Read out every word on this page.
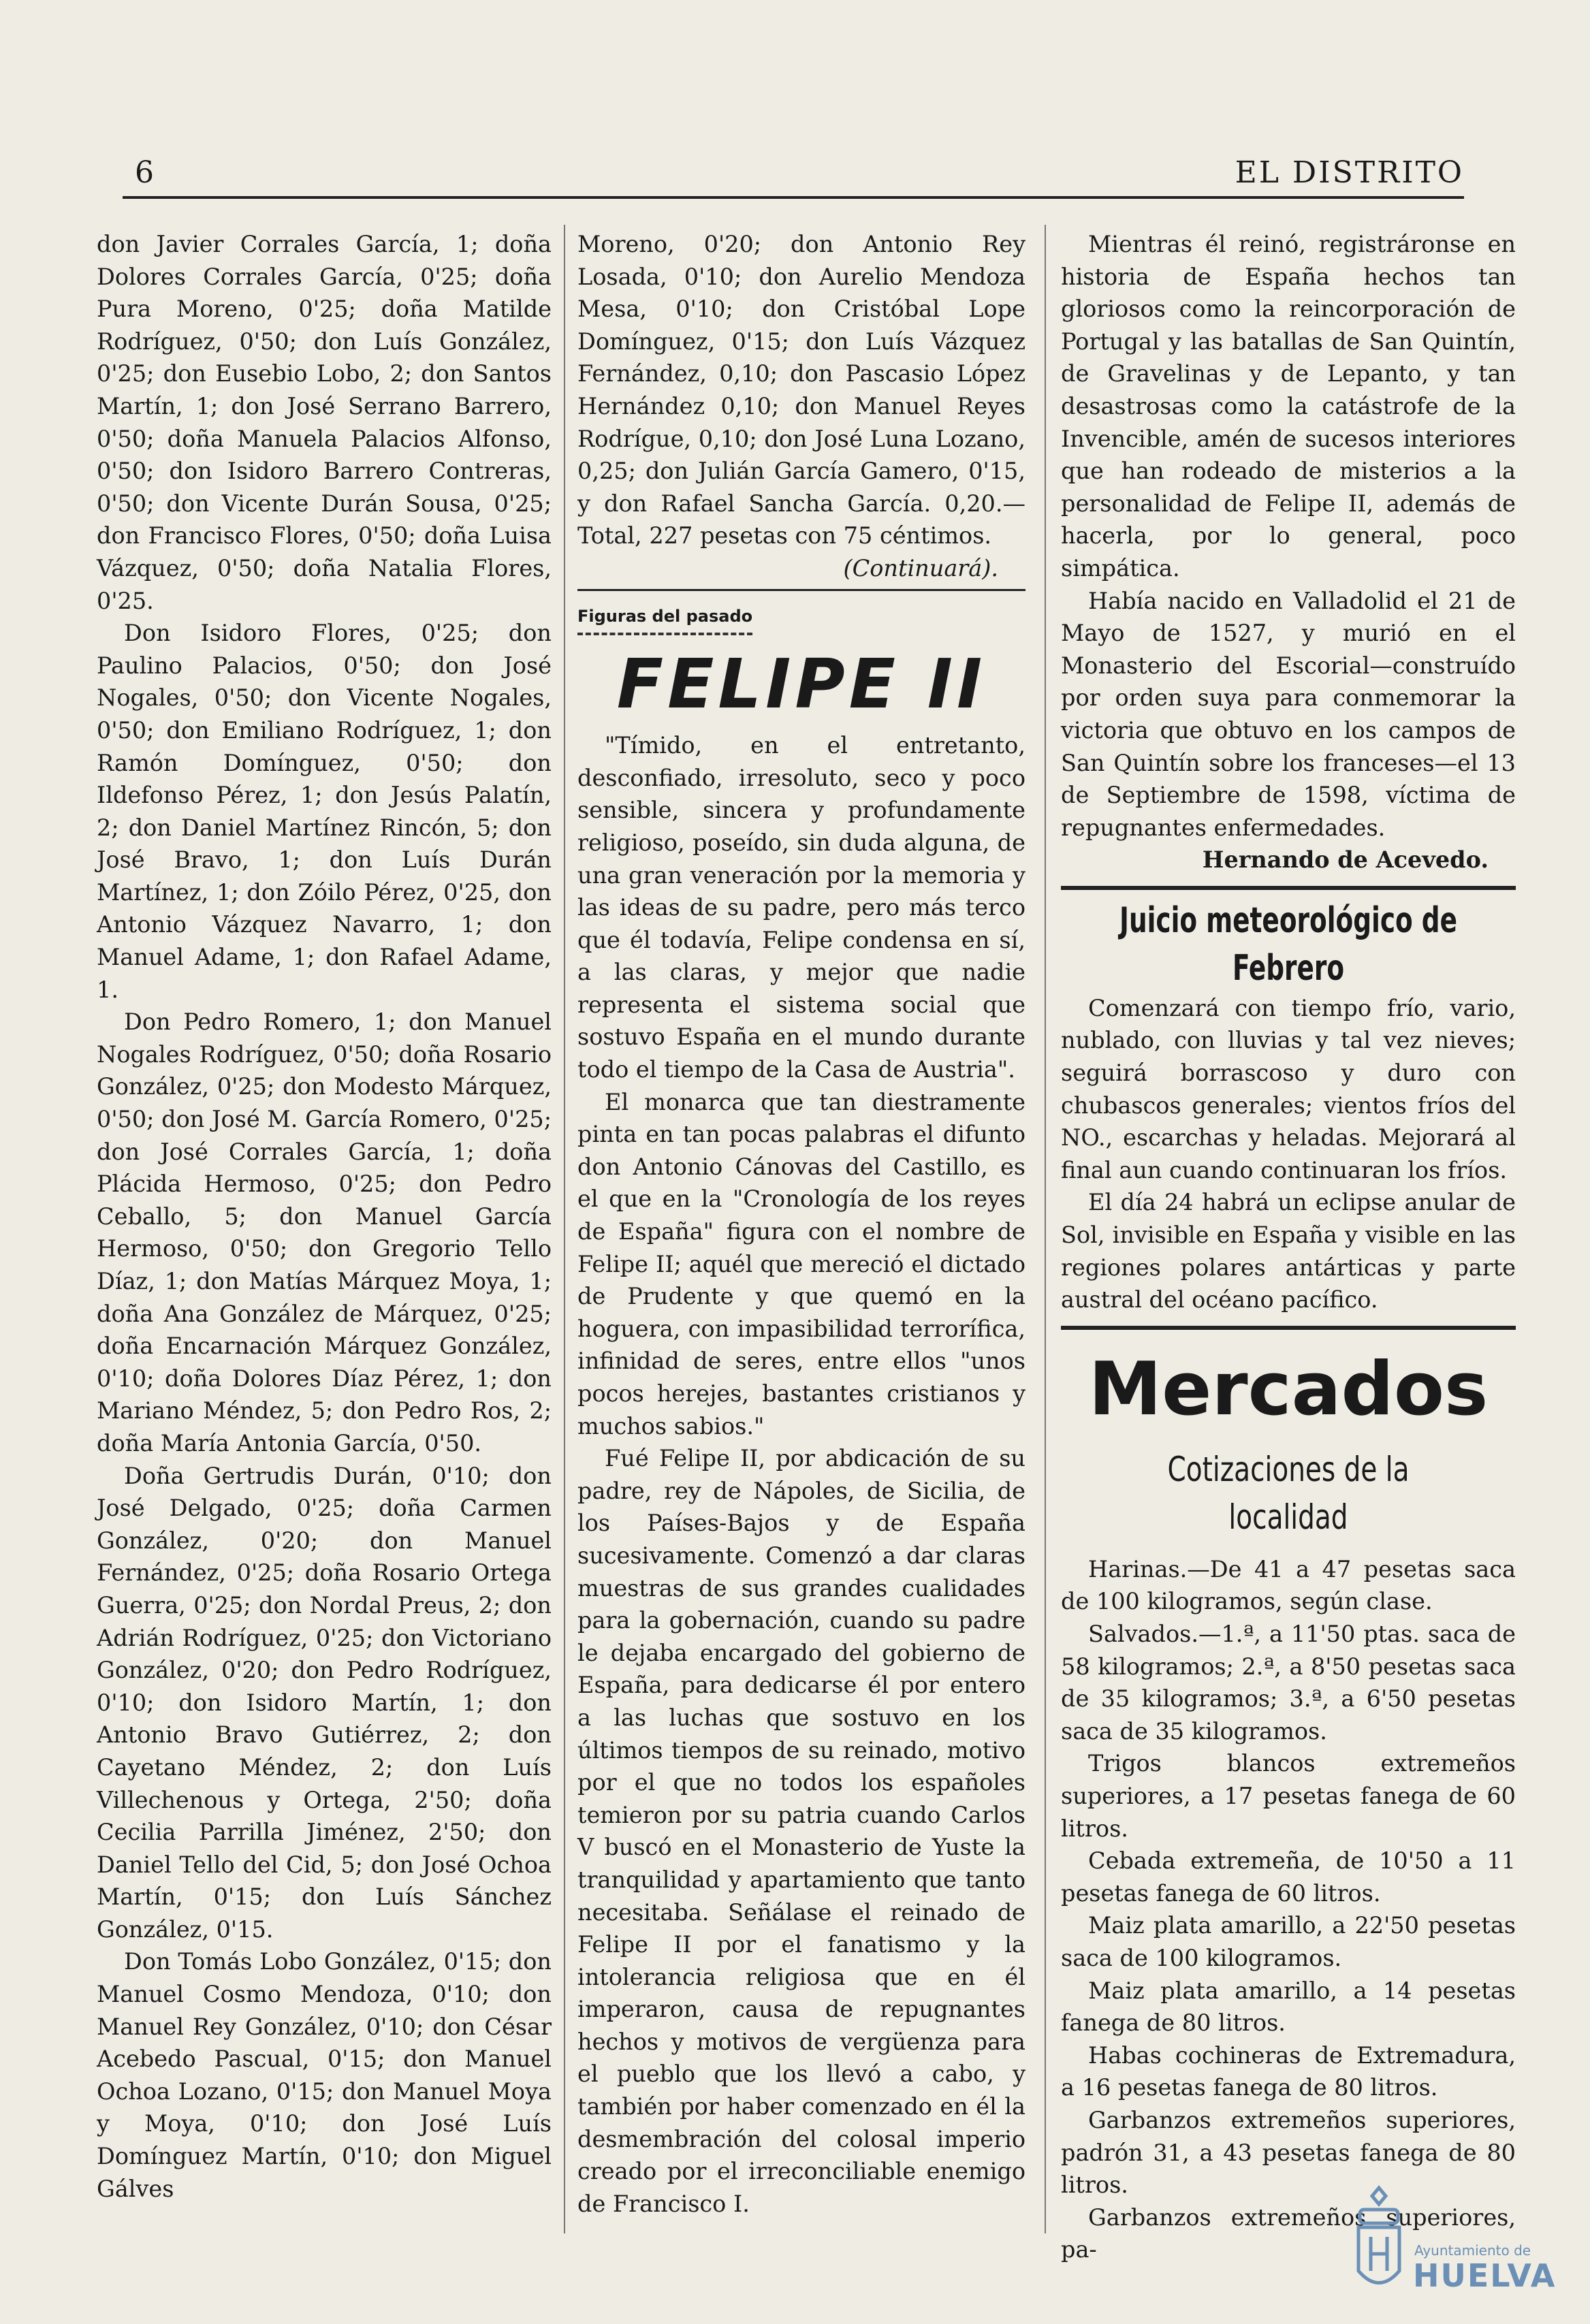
6	EL DISTRITO

don Javier Corrales García, 1; doña Dolores Corrales García, 0'25; doña Pura Moreno, 0'25; doña Matilde Rodríguez, 0'50; don Luís González, 0'25; don Eusebio Lobo, 2; don Santos Martín, 1; don José Serrano Barrero, 0'50; doña Manuela Palacios Alfonso, 0'50; don Isidoro Barrero Contreras, 0'50; don Vicente Durán Sousa, 0'25; don Francisco Flores, 0'50; doña Luisa Vázquez, 0'50; doña Natalia Flores, 0'25.

Don Isidoro Flores, 0'25; don Paulino Palacios, 0'50; don José Nogales, 0'50; don Vicente Nogales, 0'50; don Emiliano Rodríguez, 1; don Ramón Domínguez, 0'50; don Ildefonso Pérez, 1; don Jesús Palatín, 2; don Daniel Martínez Rincón, 5; don José Bravo, 1; don Luís Durán Martínez, 1; don Zóilo Pérez, 0'25, don Antonio Vázquez Navarro, 1; don Manuel Adame, 1; don Rafael Adame, 1.

Don Pedro Romero, 1; don Manuel Nogales Rodríguez, 0'50; doña Rosario González, 0'25; don Modesto Márquez, 0'50; don José M. García Romero, 0'25; don José Corrales García, 1; doña Plácida Hermoso, 0'25; don Pedro Ceballo, 5; don Manuel García Hermoso, 0'50; don Gregorio Tello Díaz, 1; don Matías Márquez Moya, 1; doña Ana González de Márquez, 0'25; doña Encarnación Márquez González, 0'10; doña Dolores Díaz Pérez, 1; don Mariano Méndez, 5; don Pedro Ros, 2; doña María Antonia García, 0'50.

Doña Gertrudis Durán, 0'10; don José Delgado, 0'25; doña Carmen González, 0'20; don Manuel Fernández, 0'25; doña Rosario Ortega Guerra, 0'25; don Nordal Preus, 2; don Adrián Rodríguez, 0'25; don Victoriano González, 0'20; don Pedro Rodríguez, 0'10; don Isidoro Martín, 1; don Antonio Bravo Gutiérrez, 2; don Cayetano Méndez, 2; don Luís Villechenous y Ortega, 2'50; doña Cecilia Parrilla Jiménez, 2'50; don Daniel Tello del Cid, 5; don José Ochoa Martín, 0'15; don Luís Sánchez González, 0'15.

Don Tomás Lobo González, 0'15; don Manuel Cosmo Mendoza, 0'10; don Manuel Rey González, 0'10; don César Acebedo Pascual, 0'15; don Manuel Ochoa Lozano, 0'15; don Manuel Moya y Moya, 0'10; don José Luís Domínguez Martín, 0'10; don Miguel Gálves

Moreno, 0'20; don Antonio Rey Losada, 0'10; don Aurelio Mendoza Mesa, 0'10; don Cristóbal Lope Domínguez, 0'15; don Luís Vázquez Fernández, 0,10; don Pascasio López Hernández 0,10; don Manuel Reyes Rodrígue, 0,10; don José Luna Lozano, 0,25; don Julián García Gamero, 0'15, y don Rafael Sancha García. 0,20.—Total, 227 pesetas con 75 céntimos.

(Continuará).
Figuras del pasado
FELIPE II

"Tímido, en el entretanto, desconfiado, irresoluto, seco y poco sensible, sincera y profundamente religioso, poseído, sin duda alguna, de una gran veneración por la memoria y las ideas de su padre, pero más terco que él todavía, Felipe condensa en sí, a las claras, y mejor que nadie representa el sistema social que sostuvo España en el mundo durante todo el tiempo de la Casa de Austria".

El monarca que tan diestramente pinta en tan pocas palabras el difunto don Antonio Cánovas del Castillo, es el que en la "Cronología de los reyes de España" figura con el nombre de Felipe II; aquél que mereció el dictado de Prudente y que quemó en la hoguera, con impasibilidad terrorífica, infinidad de seres, entre ellos "unos pocos herejes, bastantes cristianos y muchos sabios."

Fué Felipe II, por abdicación de su padre, rey de Nápoles, de Sicilia, de los Países-Bajos y de España sucesivamente. Comenzó a dar claras muestras de sus grandes cualidades para la gobernación, cuando su padre le dejaba encargado del gobierno de España, para dedicarse él por entero a las luchas que sostuvo en los últimos tiempos de su reinado, motivo por el que no todos los españoles temieron por su patria cuando Carlos V buscó en el Monasterio de Yuste la tranquilidad y apartamiento que tanto necesitaba. Señálase el reinado de Felipe II por el fanatismo y la intolerancia religiosa que en él imperaron, causa de repugnantes hechos y motivos de vergüenza para el pueblo que los llevó a cabo, y también por haber comenzado en él la desmembración del colosal imperio creado por el irreconciliable enemigo de Francisco I.

Mientras él reinó, registráronse en historia de España hechos tan gloriosos como la reincorporación de Portugal y las batallas de San Quintín, de Gravelinas y de Lepanto, y tan desastrosas como la catástrofe de la Invencible, amén de sucesos interiores que han rodeado de misterios a la personalidad de Felipe II, además de hacerla, por lo general, poco simpática.

Había nacido en Valladolid el 21 de Mayo de 1527, y murió en el Monasterio del Escorial—construído por orden suya para conmemorar la victoria que obtuvo en los campos de San Quintín sobre los franceses—el 13 de Septiembre de 1598, víctima de repugnantes enfermedades.

Hernando de Acevedo.
Juicio meteorológico de Febrero

Comenzará con tiempo frío, vario, nublado, con lluvias y tal vez nieves; seguirá borrascoso y duro con chubascos generales; vientos fríos del NO., escarchas y heladas. Mejorará al final aun cuando continuaran los fríos.

El día 24 habrá un eclipse anular de Sol, invisible en España y visible en las regiones polares antárticas y parte austral del océano pacífico.

Mercados
Cotizaciones de la localidad

Harinas.—De 41 a 47 pesetas saca de 100 kilogramos, según clase.

Salvados.—1.ª, a 11'50 ptas. saca de 58 kilogramos; 2.ª, a 8'50 pesetas saca de 35 kilogramos; 3.ª, a 6'50 pesetas saca de 35 kilogramos.

Trigos blancos extremeños superiores, a 17 pesetas fanega de 60 litros.

Cebada extremeña, de 10'50 a 11 pesetas fanega de 60 litros.

Maiz plata amarillo, a 22'50 pesetas saca de 100 kilogramos.

Maiz plata amarillo, a 14 pesetas fanega de 80 litros.

Habas cochineras de Extremadura, a 16 pesetas fanega de 80 litros.

Garbanzos extremeños superiores, padrón 31, a 43 pesetas fanega de 80 litros.

Garbanzos extremeños superiores, pa-	Ayuntamiento de
HUELVA
